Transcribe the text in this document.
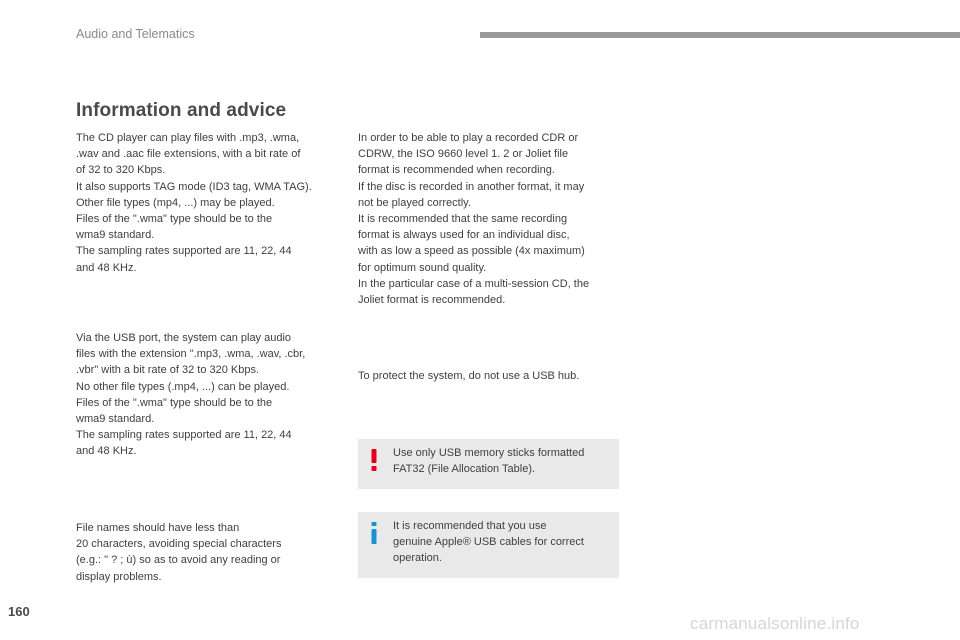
Audio and Telematics
Information and advice

The CD player can play files with .mp3, .wma,
.wav and .aac file extensions, with a bit rate of
of 32 to 320 Kbps.
It also supports TAG mode (ID3 tag, WMA TAG).
Other file types (mp4, ...) may be played.
Files of the ".wma" type should be to the
wma9 standard.
The sampling rates supported are 11, 22, 44
and 48 KHz.

Via the USB port, the system can play audio
files with the extension ".mp3, .wma, .wav, .cbr,
.vbr" with a bit rate of 32 to 320 Kbps.
No other file types (.mp4, ...) can be played.
Files of the ".wma" type should be to the
wma9 standard.
The sampling rates supported are 11, 22, 44
and 48 KHz.

File names should have less than
20 characters, avoiding special characters
(e.g.: " ? ; ù) so as to avoid any reading or
display problems.

In order to be able to play a recorded CDR or
CDRW, the ISO 9660 level 1. 2 or Joliet file
format is recommended when recording.
If the disc is recorded in another format, it may
not be played correctly.
It is recommended that the same recording
format is always used for an individual disc,
with as low a speed as possible (4x maximum)
for optimum sound quality.
In the particular case of a multi-session CD, the
Joliet format is recommended.

To protect the system, do not use a USB hub.

Use only USB memory sticks formatted
FAT32 (File Allocation Table).

It is recommended that you use
genuine Apple® USB cables for correct
operation.

160
carmanualsonline.info
